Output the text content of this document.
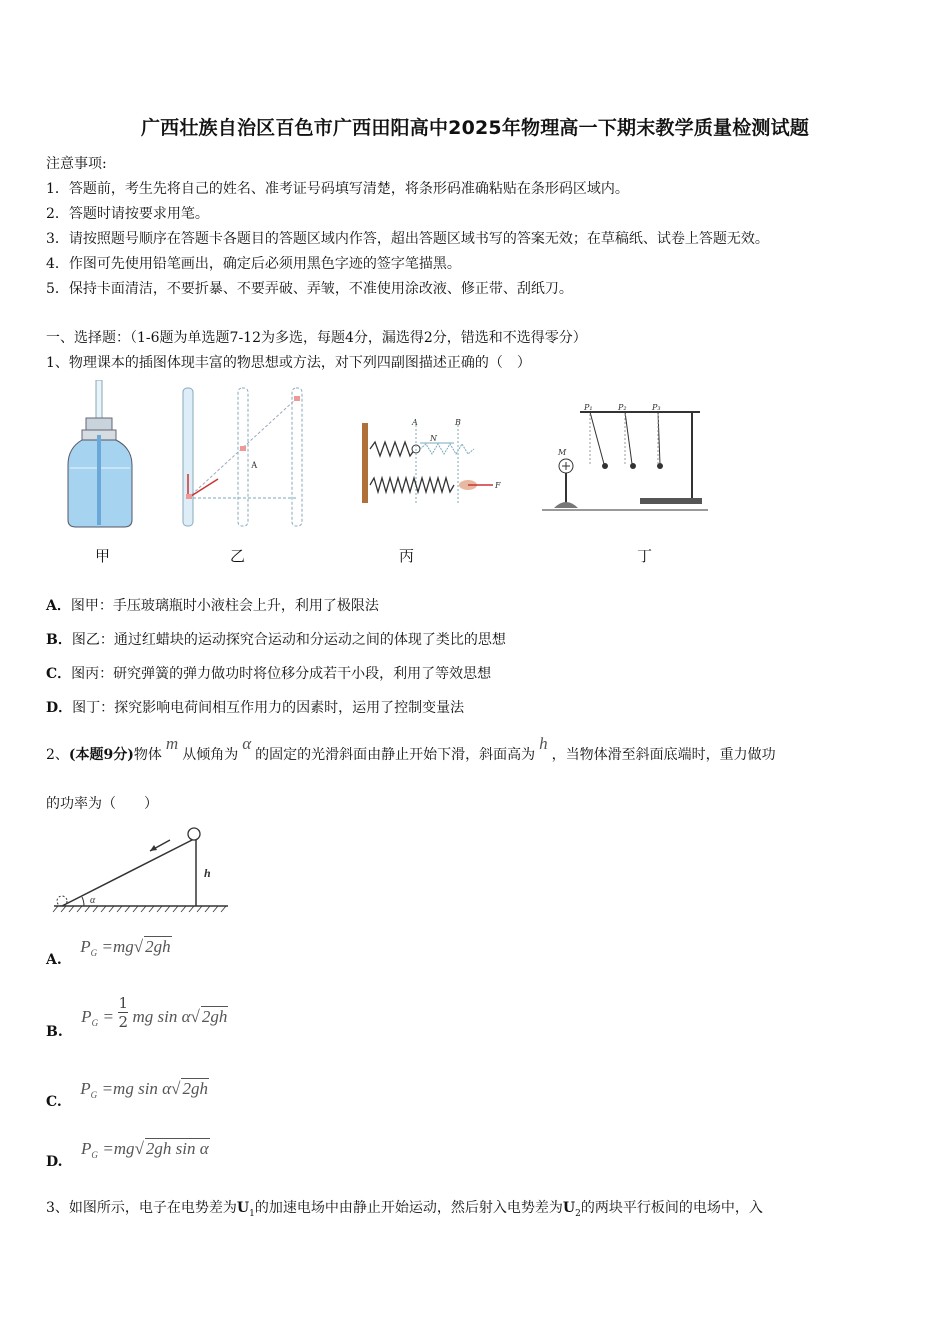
广西壮族自治区百色市广西田阳高中2025年物理高一下期末教学质量检测试题
注意事项:
1．答题前，考生先将自己的姓名、准考证号码填写清楚，将条形码准确粘贴在条形码区域内。
2．答题时请按要求用笔。
3．请按照题号顺序在答题卡各题目的答题区域内作答，超出答题区域书写的答案无效；在草稿纸、试卷上答题无效。
4．作图可先使用铅笔画出，确定后必须用黑色字迹的签字笔描黑。
5．保持卡面清洁，不要折暴、不要弄破、弄皱，不准使用涂改液、修正带、刮纸刀。
一、选择题：（1-6题为单选题7-12为多选，每题4分，漏选得2分，错选和不选得零分）
1、物理课本的插图体现丰富的物思想或方法，对下列四副图描述正确的（　）
A
A	B
N
F
P₁	P₂	P₃
M
甲	乙	丙	丁
A．图甲：手压玻璃瓶时小液柱会上升，利用了极限法
B．图乙：通过红蜡块的运动探究合运动和分运动之间的体现了类比的思想
C．图丙：研究弹簧的弹力做功时将位移分成若干小段，利用了等效思想
D．图丁：探究影响电荷间相互作用力的因素时，运用了控制变量法
2、(本题9分)物体m从倾角为α的固定的光滑斜面由静止开始下滑，斜面高为h，当物体滑至斜面底端时，重力做功
的功率为（　　）
α
h
A. $P_G =mg√$ 2gh
B. $P_G = \frac{1}{2}$ mg sin α√ 2gh
C. $P_G =mg$ sin α√ 2gh
D. $P_G =mg√$ 2gh sin α
3、如图所示，电子在电势差为$U_1$的加速电场中由静止开始运动，然后射入电势差为$U_2$的两块平行板间的电场中，入
